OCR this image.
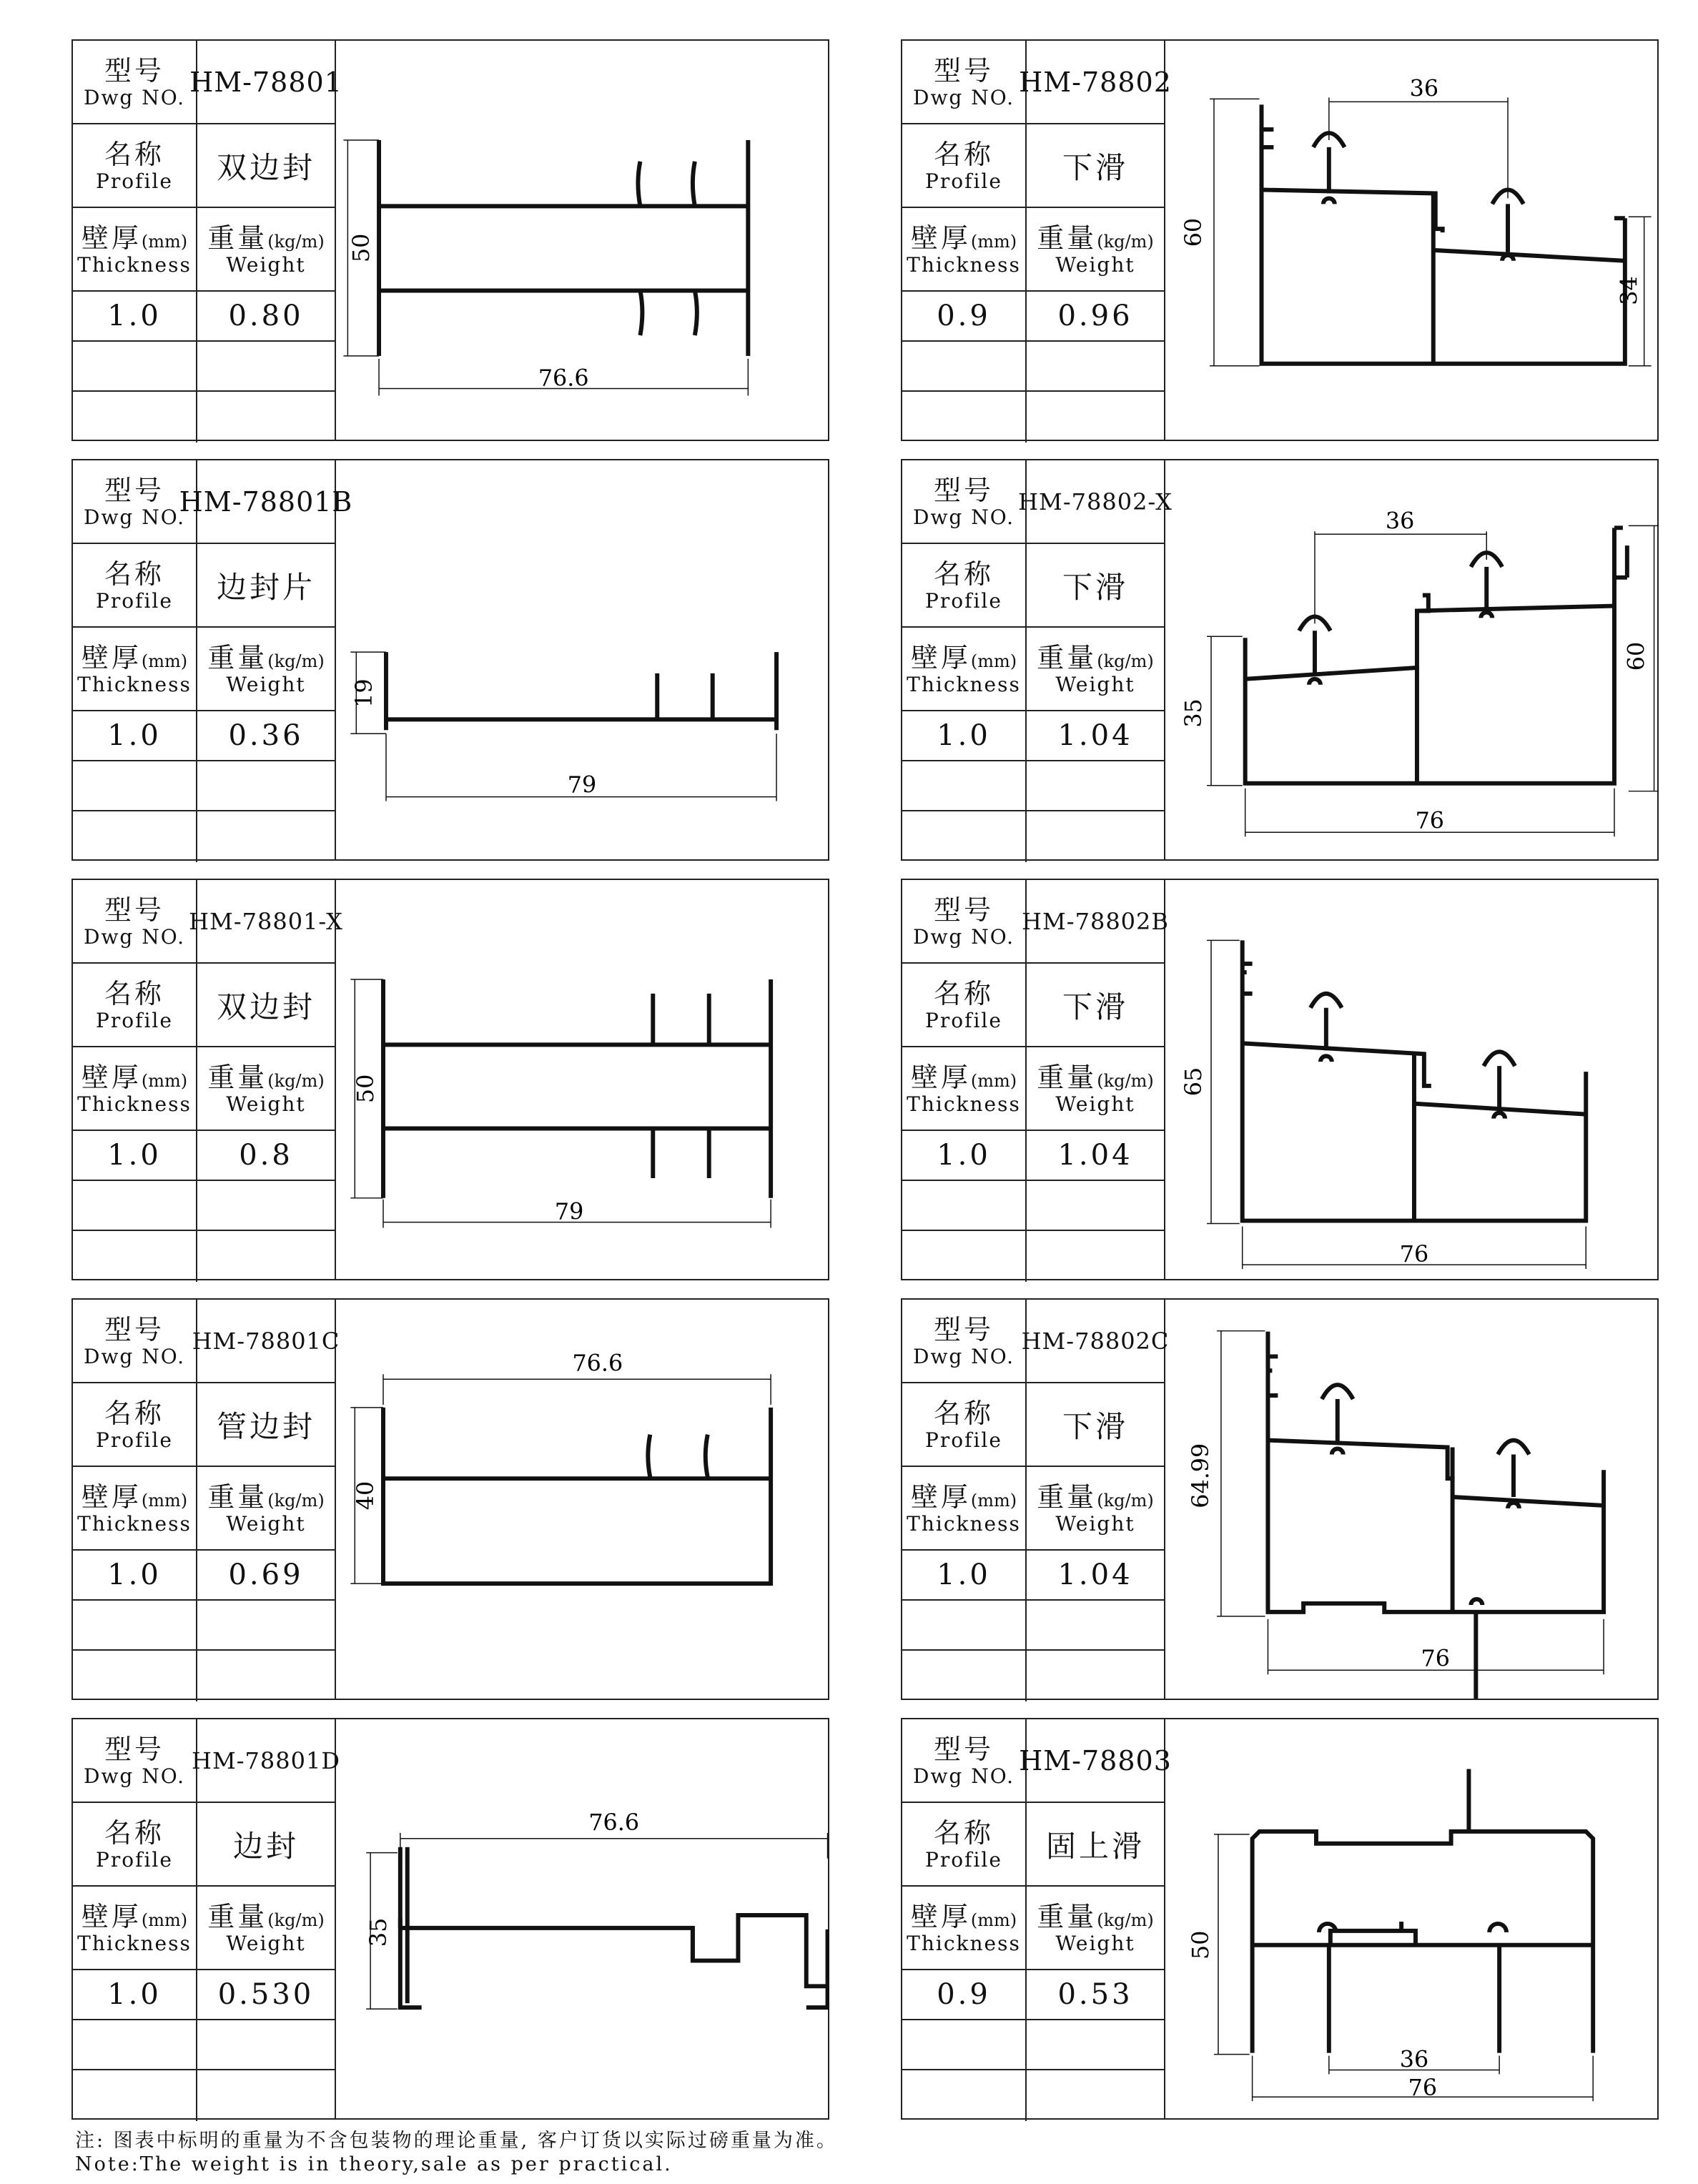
型号
Dwg NO. HM-78801
名称
Profile 双边封
壁厚(mm)
Thickness
重量(kg/m)
Weight
1.0 0.80
50
76.6
型号
Dwg NO.
HM-78801B
名称
Profile 边封片
壁厚(mm)
Thickness
重量(kg/m)
Weight
1.0 0.36
19
79
型号
Dwg NO.
HM-78801-X
名称
Profile 双边封
壁厚(mm)
Thickness
重量(kg/m)
Weight
1.0	0.8
50
79
型号
Dwg NO.
HM-78801C
名称
Profile 管边封
壁厚(mm)
Thickness
重量(kg/m)
Weight
1.0 0.69
40
76.6
型号
Dwg NO.
HM-78801D
名称
Profile 边封
壁厚(mm)
Thickness
重量(kg/m)
Weight
1.0 0.530
35
76.6
型号
Dwg NO. HM-78802
名称
Profile 下滑
壁厚(mm)
Thickness
重量(kg/m)
Weight
0.9 0.96
60
36
34
型号
Dwg NO.
HM-78802-X
名称
Profile 下滑
壁厚(mm)
Thickness
重量(kg/m)
Weight
1.0 1.04
35
36
60
76
型号
Dwg NO.
HM-78802B
名称
Profile 下滑
壁厚(mm)
Thickness
重量(kg/m)
Weight
1.0 1.04
65
76
型号
Dwg NO.
HM-78802C
名称
Profile 下滑
壁厚(mm)
Thickness
重量(kg/m)
Weight
1.0 1.04
64.99
76
型号
Dwg NO. HM-78803
名称
Profile 固上滑
壁厚(mm)
Thickness
重量(kg/m)
Weight
0.9 0.53
50
36
76
注: 图表中标明的重量为不含包装物的理论重量, 客户订货以实际过磅重量为准。
Note:The weight is in theory,sale as per practical.
